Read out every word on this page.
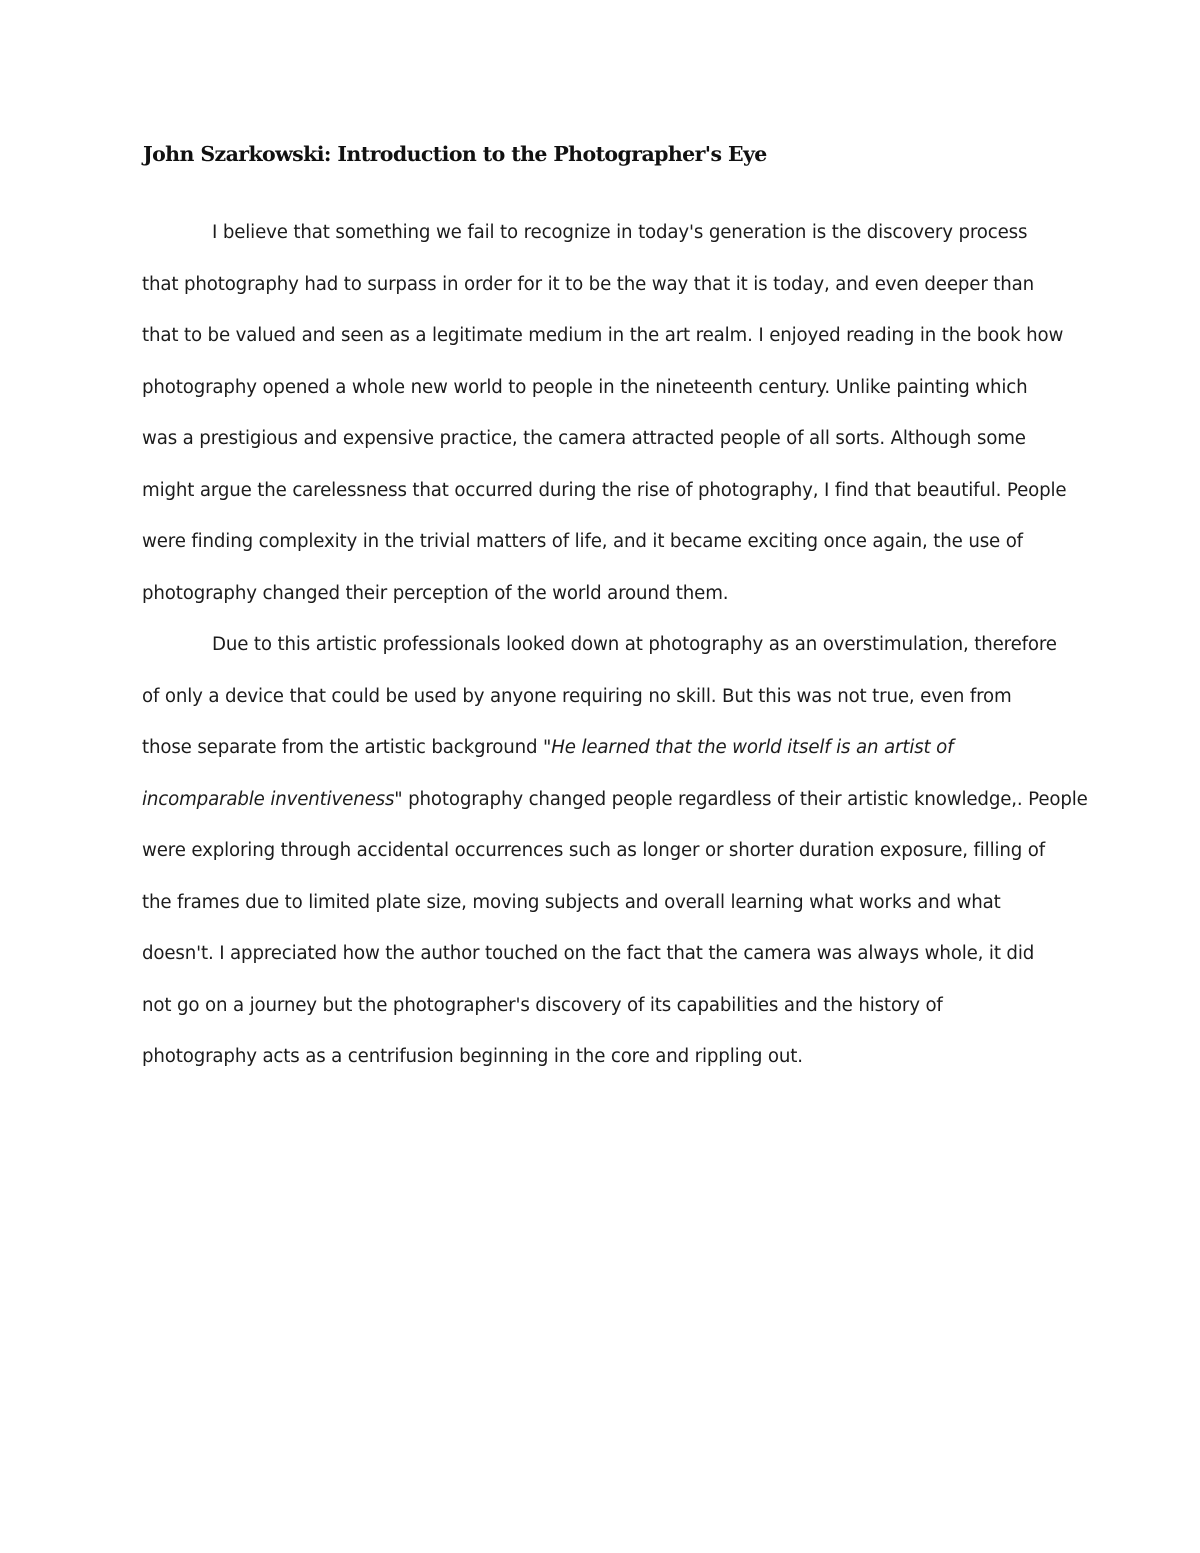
John Szarkowski: Introduction to the Photographer's Eye
I believe that something we fail to recognize in today's generation is the discovery process
that photography had to surpass in order for it to be the way that it is today, and even deeper than
that to be valued and seen as a legitimate medium in the art realm. I enjoyed reading in the book how
photography opened a whole new world to people in the nineteenth century. Unlike painting which
was a prestigious and expensive practice, the camera attracted people of all sorts. Although some
might argue the carelessness that occurred during the rise of photography, I find that beautiful. People
were finding complexity in the trivial matters of life, and it became exciting once again, the use of
photography changed their perception of the world around them.
Due to this artistic professionals looked down at photography as an overstimulation, therefore
of only a device that could be used by anyone requiring no skill. But this was not true, even from
those separate from the artistic background "He learned that the world itself is an artist of
incomparable inventiveness" photography changed people regardless of their artistic knowledge,. People
were exploring through accidental occurrences such as longer or shorter duration exposure, filling of
the frames due to limited plate size, moving subjects and overall learning what works and what
doesn't. I appreciated how the author touched on the fact that the camera was always whole, it did
not go on a journey but the photographer's discovery of its capabilities and the history of
photography acts as a centrifusion beginning in the core and rippling out.
